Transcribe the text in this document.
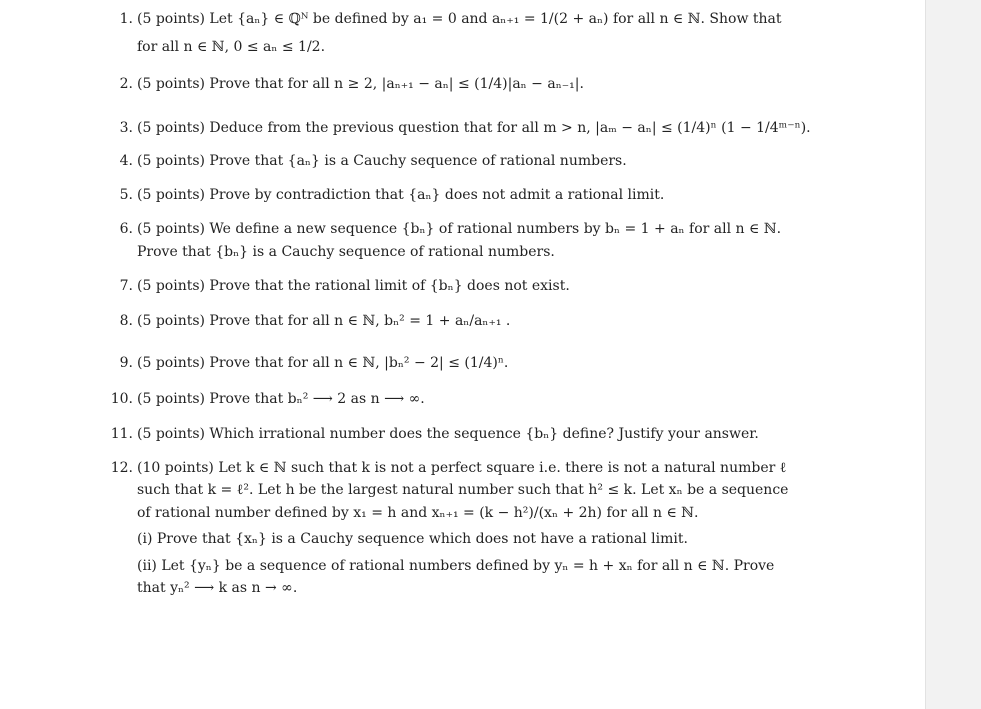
1. (5 points) Let {aₙ} ∈ ℚᴺ be defined by a₁ = 0 and aₙ₊₁ = 1/(2 + aₙ) for all n ∈ ℕ. Show that
for all n ∈ ℕ, 0 ≤ aₙ ≤ 1/2.
2. (5 points) Prove that for all n ≥ 2, |aₙ₊₁ − aₙ| ≤ (1/4)|aₙ − aₙ₋₁|.
3. (5 points) Deduce from the previous question that for all m > n, |aₘ − aₙ| ≤ (1/4)ⁿ (1 − 1/4ᵐ⁻ⁿ).
4. (5 points) Prove that {aₙ} is a Cauchy sequence of rational numbers.
5. (5 points) Prove by contradiction that {aₙ} does not admit a rational limit.
6. (5 points) We define a new sequence {bₙ} of rational numbers by bₙ = 1 + aₙ for all n ∈ ℕ.
Prove that {bₙ} is a Cauchy sequence of rational numbers.
7. (5 points) Prove that the rational limit of {bₙ} does not exist.
8. (5 points) Prove that for all n ∈ ℕ, bₙ² = 1 + aₙ/aₙ₊₁ .
9. (5 points) Prove that for all n ∈ ℕ, |bₙ² − 2| ≤ (1/4)ⁿ.
10. (5 points) Prove that bₙ² ⟶ 2 as n ⟶ ∞.
11. (5 points) Which irrational number does the sequence {bₙ} define? Justify your answer.
12. (10 points) Let k ∈ ℕ such that k is not a perfect square i.e. there is not a natural number ℓ
such that k = ℓ². Let h be the largest natural number such that h² ≤ k. Let xₙ be a sequence
of rational number defined by x₁ = h and xₙ₊₁ = (k − h²)/(xₙ + 2h) for all n ∈ ℕ.
(i) Prove that {xₙ} is a Cauchy sequence which does not have a rational limit.
(ii) Let {yₙ} be a sequence of rational numbers defined by yₙ = h + xₙ for all n ∈ ℕ. Prove
that yₙ² ⟶ k as n → ∞.
